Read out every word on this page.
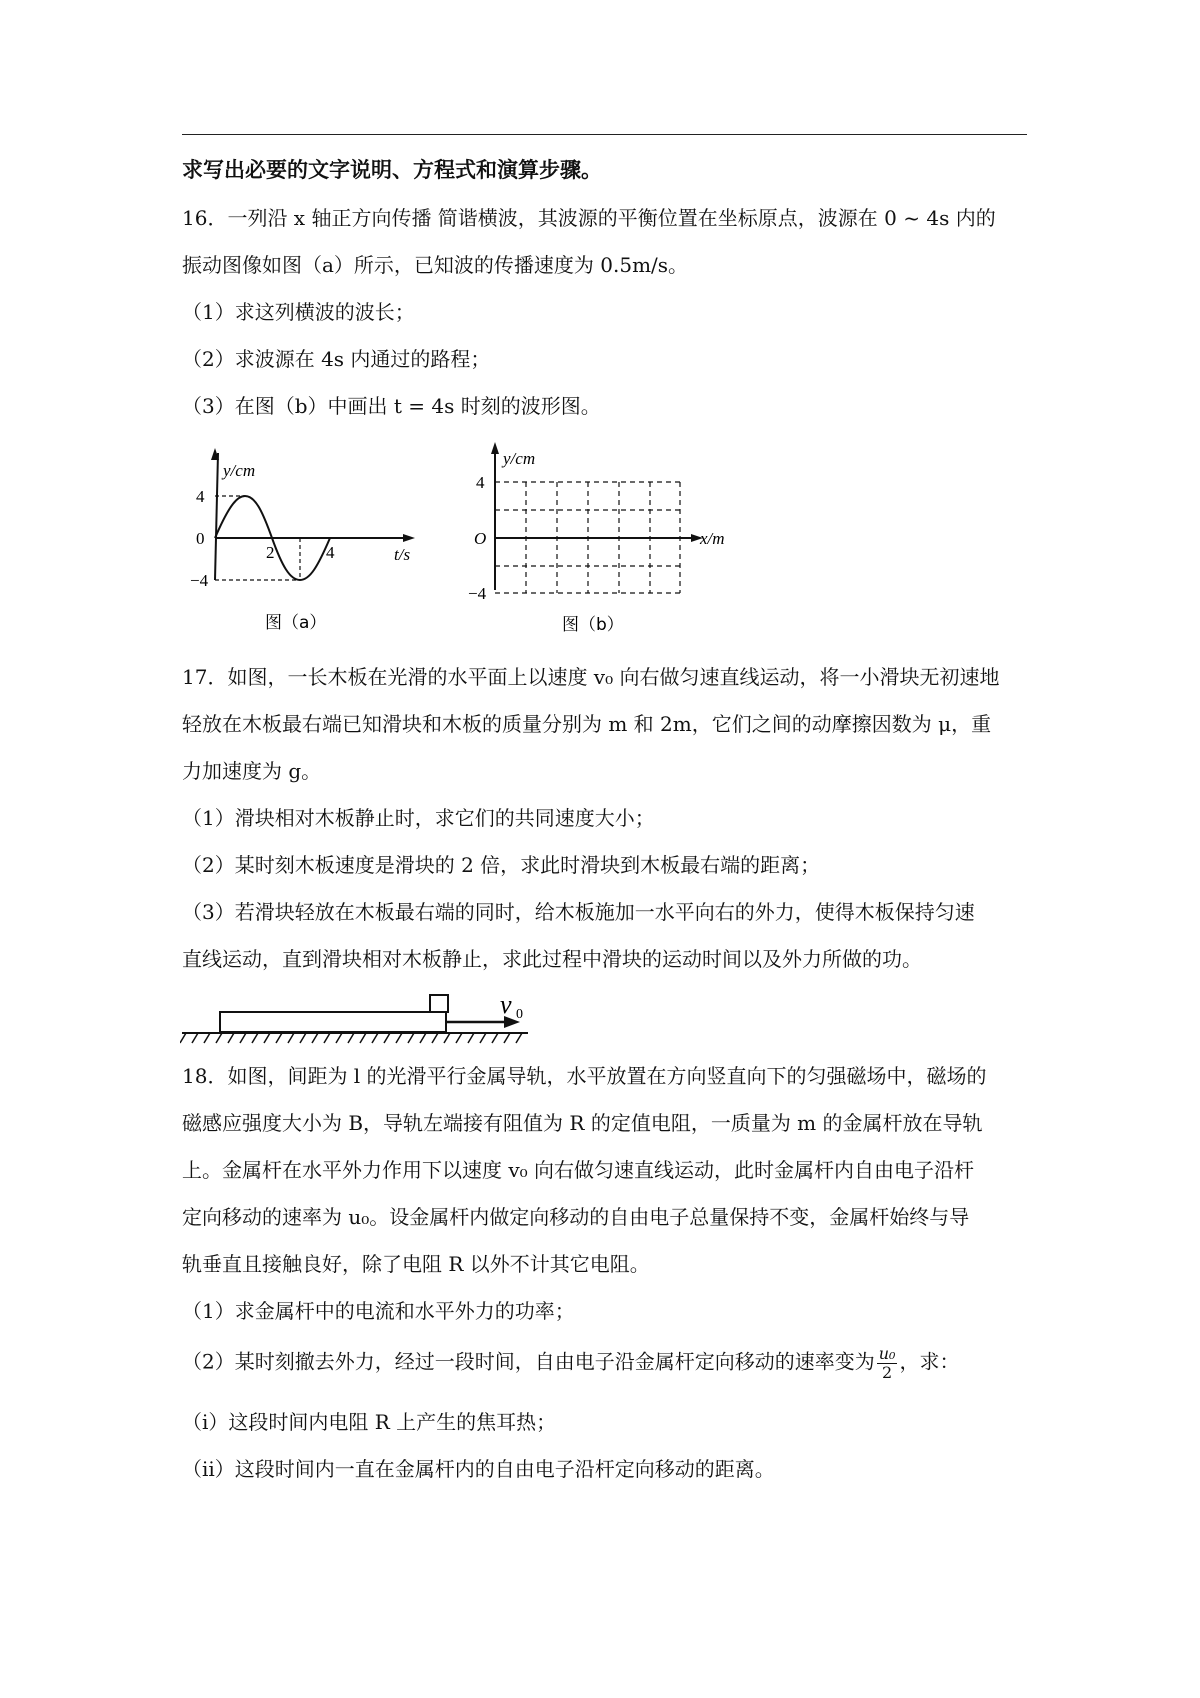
求写出必要的文字说明、方程式和演算步骤。
16．一列沿 x 轴正方向传播 简谐横波，其波源的平衡位置在坐标原点，波源在 0 ~ 4s 内的
振动图像如图（a）所示，已知波的传播速度为 0.5m/s。
（1）求这列横波的波长；
（2）求波源在 4s 内通过的路程；
（3）在图（b）中画出 t = 4s 时刻的波形图。
y/cm
4
0
−4
2	4	t/s
图（a）
y/cm
4
O
−4
x/m
图（b）
17．如图，一长木板在光滑的水平面上以速度 v₀ 向右做匀速直线运动，将一小滑块无初速地
轻放在木板最右端已知滑块和木板的质量分别为 m 和 2m，它们之间的动摩擦因数为 μ，重
力加速度为 g。
（1）滑块相对木板静止时，求它们的共同速度大小；
（2）某时刻木板速度是滑块的 2 倍，求此时滑块到木板最右端的距离；
（3）若滑块轻放在木板最右端的同时，给木板施加一水平向右的外力，使得木板保持匀速
直线运动，直到滑块相对木板静止，求此过程中滑块的运动时间以及外力所做的功。
v 0
18．如图，间距为 l 的光滑平行金属导轨，水平放置在方向竖直向下的匀强磁场中，磁场的
磁感应强度大小为 B，导轨左端接有阻值为 R 的定值电阻，一质量为 m 的金属杆放在导轨
上。金属杆在水平外力作用下以速度 v₀ 向右做匀速直线运动，此时金属杆内自由电子沿杆
定向移动的速率为 u₀。设金属杆内做定向移动的自由电子总量保持不变，金属杆始终与导
轨垂直且接触良好，除了电阻 R 以外不计其它电阻。
（1）求金属杆中的电流和水平外力的功率；
（2）某时刻撤去外力，经过一段时间，自由电子沿金属杆定向移动的速率变为 $\frac{\text{u₀}}{2}$ ，求：
（i）这段时间内电阻 R 上产生的焦耳热；
（ii）这段时间内一直在金属杆内的自由电子沿杆定向移动的距离。
